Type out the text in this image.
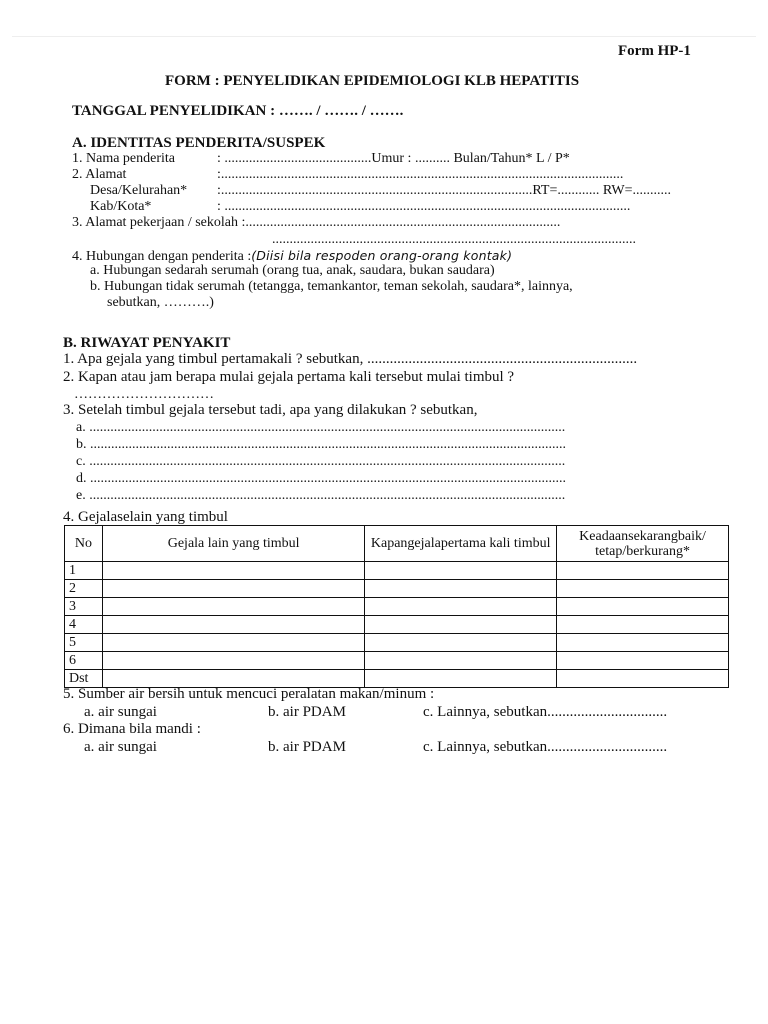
Form HP-1
FORM : PENYELIDIKAN EPIDEMIOLOGI KLB HEPATITIS
TANGGAL PENYELIDIKAN : ……. / ……. / …….
A. IDENTITAS PENDERITA/SUSPEK
1. Nama penderita	: ..........................................Umur : .......... Bulan/Tahun* L / P*
2. Alamat	:...................................................................................................................
Desa/Kelurahan* :.........................................................................................RT=............ RW=...........
Kab/Kota*	: ....................................................................................................................
3. Alamat pekerjaan / sekolah :..........................................................................................
........................................................................................................
4. Hubungan dengan penderita :(Diisi bila respoden orang-orang kontak)
a. Hubungan sedarah serumah (orang tua, anak, saudara, bukan saudara)
b. Hubungan tidak serumah (tetangga, temankantor, teman sekolah, saudara*, lainnya,
sebutkan, ……….)
B. RIWAYAT PENYAKIT
1. Apa gejala yang timbul pertamakali ? sebutkan, ........................................................................
2. Kapan atau jam berapa mulai gejala pertama kali tersebut mulai timbul ?
…………………………
3. Setelah timbul gejala tersebut tadi, apa yang dilakukan ? sebutkan,
a. ........................................................................................................................................
b. ........................................................................................................................................
c. ........................................................................................................................................
d. ........................................................................................................................................
e. ........................................................................................................................................
4. Gejalaselain yang timbul
No	Gejala lain yang timbul	Kapangejalapertama kali timbul	Keadaansekarangbaik/ tetap/berkurang*
1			
2			
3			
4			
5			
6			
Dst			
5. Sumber air bersih untuk mencuci peralatan makan/minum :
a. air sungai	b. air PDAM	c. Lainnya, sebutkan................................
6. Dimana bila mandi :
a. air sungai	b. air PDAM	c. Lainnya, sebutkan................................
